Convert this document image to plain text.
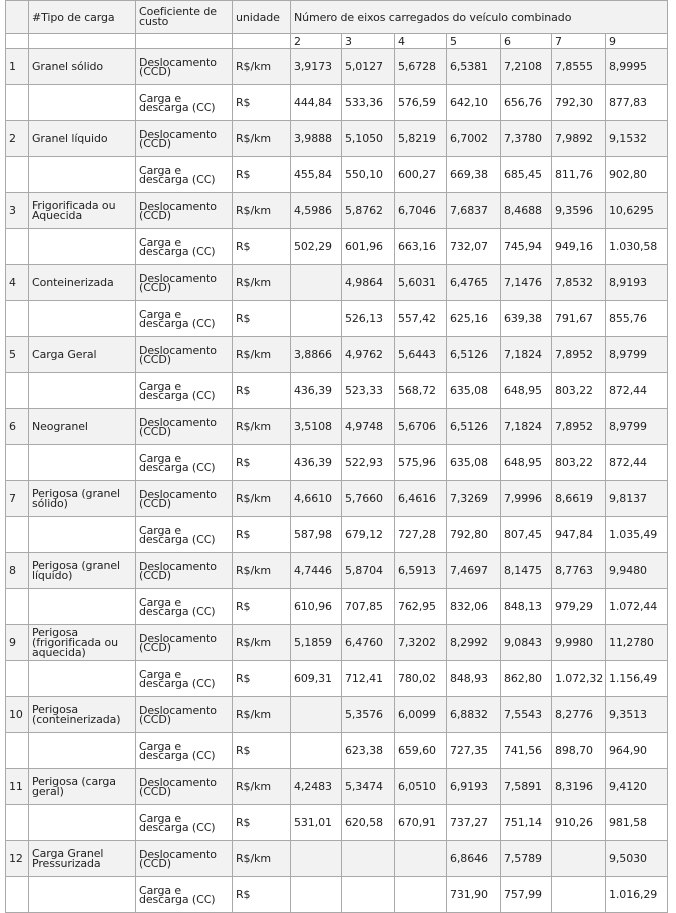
	#Tipo de carga	Coeficiente de custo	unidade	Número de eixos carregados do veículo combinado						
				2	3	4	5	6	7	9
1	Granel sólido	Deslocamento (CCD)	R$/km	3,9173	5,0127	5,6728	6,5381	7,2108	7,8555	8,9995
		Carga e descarga (CC)	R$	444,84	533,36	576,59	642,10	656,76	792,30	877,83
2	Granel líquido	Deslocamento (CCD)	R$/km	3,9888	5,1050	5,8219	6,7002	7,3780	7,9892	9,1532
		Carga e descarga (CC)	R$	455,84	550,10	600,27	669,38	685,45	811,76	902,80
3	Frigorificada ou Aquecida	Deslocamento (CCD)	R$/km	4,5986	5,8762	6,7046	7,6837	8,4688	9,3596	10,6295
		Carga e descarga (CC)	R$	502,29	601,96	663,16	732,07	745,94	949,16	1.030,58
4	Conteinerizada	Deslocamento (CCD)	R$/km		4,9864	5,6031	6,4765	7,1476	7,8532	8,9193
		Carga e descarga (CC)	R$		526,13	557,42	625,16	639,38	791,67	855,76
5	Carga Geral	Deslocamento (CCD)	R$/km	3,8866	4,9762	5,6443	6,5126	7,1824	7,8952	8,9799
		Carga e descarga (CC)	R$	436,39	523,33	568,72	635,08	648,95	803,22	872,44
6	Neogranel	Deslocamento (CCD)	R$/km	3,5108	4,9748	5,6706	6,5126	7,1824	7,8952	8,9799
		Carga e descarga (CC)	R$	436,39	522,93	575,96	635,08	648,95	803,22	872,44
7	Perigosa (granel sólido)	Deslocamento (CCD)	R$/km	4,6610	5,7660	6,4616	7,3269	7,9996	8,6619	9,8137
		Carga e descarga (CC)	R$	587,98	679,12	727,28	792,80	807,45	947,84	1.035,49
8	Perigosa (granel líquido)	Deslocamento (CCD)	R$/km	4,7446	5,8704	6,5913	7,4697	8,1475	8,7763	9,9480
		Carga e descarga (CC)	R$	610,96	707,85	762,95	832,06	848,13	979,29	1.072,44
9	Perigosa (frigorificada ou aquecida)	Deslocamento (CCD)	R$/km	5,1859	6,4760	7,3202	8,2992	9,0843	9,9980	11,2780
		Carga e descarga (CC)	R$	609,31	712,41	780,02	848,93	862,80	1.072,32	1.156,49
10	Perigosa (conteinerizada)	Deslocamento (CCD)	R$/km		5,3576	6,0099	6,8832	7,5543	8,2776	9,3513
		Carga e descarga (CC)	R$		623,38	659,60	727,35	741,56	898,70	964,90
11	Perigosa (carga geral)	Deslocamento (CCD)	R$/km	4,2483	5,3474	6,0510	6,9193	7,5891	8,3196	9,4120
		Carga e descarga (CC)	R$	531,01	620,58	670,91	737,27	751,14	910,26	981,58
12	Carga Granel Pressurizada	Deslocamento (CCD)	R$/km				6,8646	7,5789		9,5030
		Carga e descarga (CC)	R$				731,90	757,99		1.016,29
